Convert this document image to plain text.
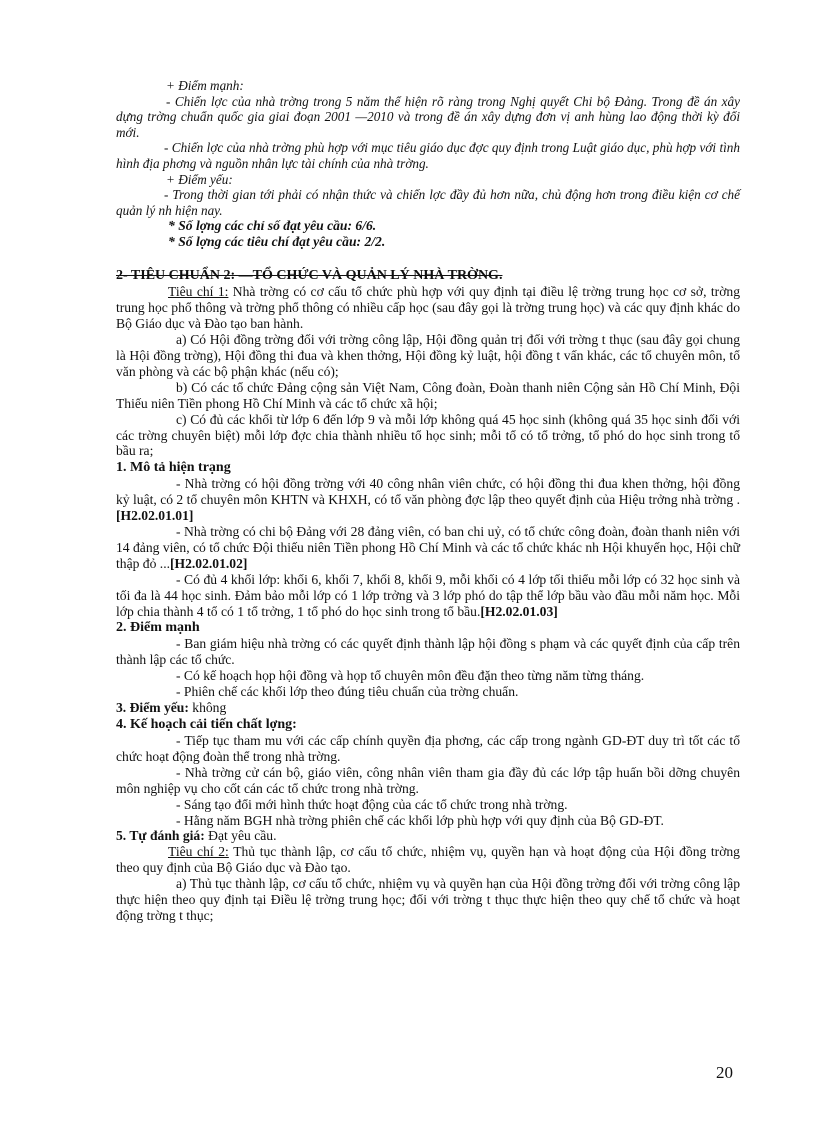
+ Điểm mạnh:

- Chiến lợc của nhà trờng trong 5 năm thể hiện rõ ràng trong Nghị quyết Chi bộ Đảng. Trong đề án xây dựng trờng chuẩn quốc gia giai đoạn 2001 —2010 và trong đề án xây dựng đơn vị anh hùng lao động thời kỳ đổi mới.

- Chiến lợc của nhà trờng phù hợp với mục tiêu giáo dục đợc quy định trong Luật giáo dục, phù hợp với tình hình địa phơng và nguồn nhân lực tài chính của nhà trờng.

+ Điểm yếu:

- Trong thời gian tới phải có nhận thức và chiến lợc đầy đủ hơn nữa, chủ động hơn trong điều kiện cơ chế quản lý nh hiện nay.

* Số lợng các chỉ số đạt yêu cầu: 6/6.
* Số lợng các tiêu chí đạt yêu cầu: 2/2.
2- TIÊU CHUẨN 2: —TỔ CHỨC VÀ QUẢN LÝ NHÀ TRỜNG.

Tiêu chí 1: Nhà trờng có cơ cấu tổ chức phù hợp với quy định tại điều lệ trờng trung học cơ sở, trờng trung học phổ thông và trờng phổ thông có nhiều cấp học (sau đây gọi là trờng trung học) và các quy định khác do Bộ Giáo dục và Đào tạo ban hành.

a) Có Hội đồng trờng đối với trờng công lập, Hội đồng quản trị đối với trờng t thục (sau đây gọi chung là Hội đồng trờng), Hội đồng thi đua và khen thởng, Hội đồng kỷ luật, hội đồng t vấn khác, các tổ chuyên môn, tổ văn phòng và các bộ phận khác (nếu có);

b) Có các tổ chức Đảng cộng sản Việt Nam, Công đoàn, Đoàn thanh niên Cộng sản Hồ Chí Minh, Đội Thiếu niên Tiền phong Hồ Chí Minh và các tổ chức xã hội;

c) Có đủ các khối từ lớp 6 đến lớp 9 và mỗi lớp không quá 45 học sinh (không quá 35 học sinh đối với các trờng chuyên biệt) mỗi lớp đợc chia thành nhiều tổ học sinh; mỗi tổ có tổ trởng, tổ phó do học sinh trong tổ bầu ra;

1. Mô tả hiện trạng

- Nhà trờng có hội đồng trờng với 40 công nhân viên chức, có hội đồng thi đua khen thởng, hội đồng kỷ luật, có 2 tổ chuyên môn KHTN và KHXH, có tổ văn phòng đợc lập theo quyết định của Hiệu trởng nhà trờng .[H2.02.01.01]

- Nhà trờng có chi bộ Đảng với 28 đảng viên, có ban chi uỷ, có tổ chức công đoàn, đoàn thanh niên với 14 đảng viên, có tổ chức Đội thiếu niên Tiền phong Hồ Chí Minh và các tổ chức khác nh Hội khuyến học, Hội chữ thập đỏ ...[H2.02.01.02]

- Có đủ 4 khối lớp: khối 6, khối 7, khối 8, khối 9, mỗi khối có 4 lớp tối thiểu mỗi lớp có 32 học sinh và tối đa là 44 học sinh. Đảm bảo mỗi lớp có 1 lớp trởng và 3 lớp phó do tập thể lớp bầu vào đầu mỗi năm học. Mỗi lớp chia thành 4 tổ có 1 tổ trởng, 1 tổ phó do học sinh trong tổ bầu.[H2.02.01.03]

2. Điểm mạnh

- Ban giám hiệu nhà trờng có các quyết định thành lập hội đồng s phạm và các quyết định của cấp trên thành lập các tổ chức.

- Có kế hoạch họp hội đồng và họp tổ chuyên môn đều đặn theo từng năm từng tháng.

- Phiên chế các khối lớp theo đúng tiêu chuẩn của trờng chuẩn.

3. Điểm yếu: không

4. Kế hoạch cải tiến chất lợng:

- Tiếp tục tham mu với các cấp chính quyền địa phơng, các cấp trong ngành GD-ĐT duy trì tốt các tổ chức hoạt động đoàn thể trong nhà trờng.

- Nhà trờng cử cán bộ, giáo viên, công nhân viên tham gia đầy đủ các lớp tập huấn bồi dỡng chuyên môn nghiệp vụ cho cốt cán các tổ chức trong nhà trờng.

- Sáng tạo đổi mới hình thức hoạt động của các tổ chức trong nhà trờng.

- Hằng năm BGH nhà trờng phiên chế các khối lớp phù hợp với quy định của Bộ GD-ĐT.

5. Tự đánh giá: Đạt yêu cầu.

Tiêu chí 2: Thủ tục thành lập, cơ cấu tổ chức, nhiệm vụ, quyền hạn và hoạt động của Hội đồng trờng theo quy định của Bộ Giáo dục và Đào tạo.

a) Thủ tục thành lập, cơ cấu tổ chức, nhiệm vụ và quyền hạn của Hội đồng trờng đối với trờng công lập thực hiện theo quy định tại Điều lệ trờng trung học; đối với trờng t thục thực hiện theo quy chế tổ chức và hoạt động trờng t thục;

20
